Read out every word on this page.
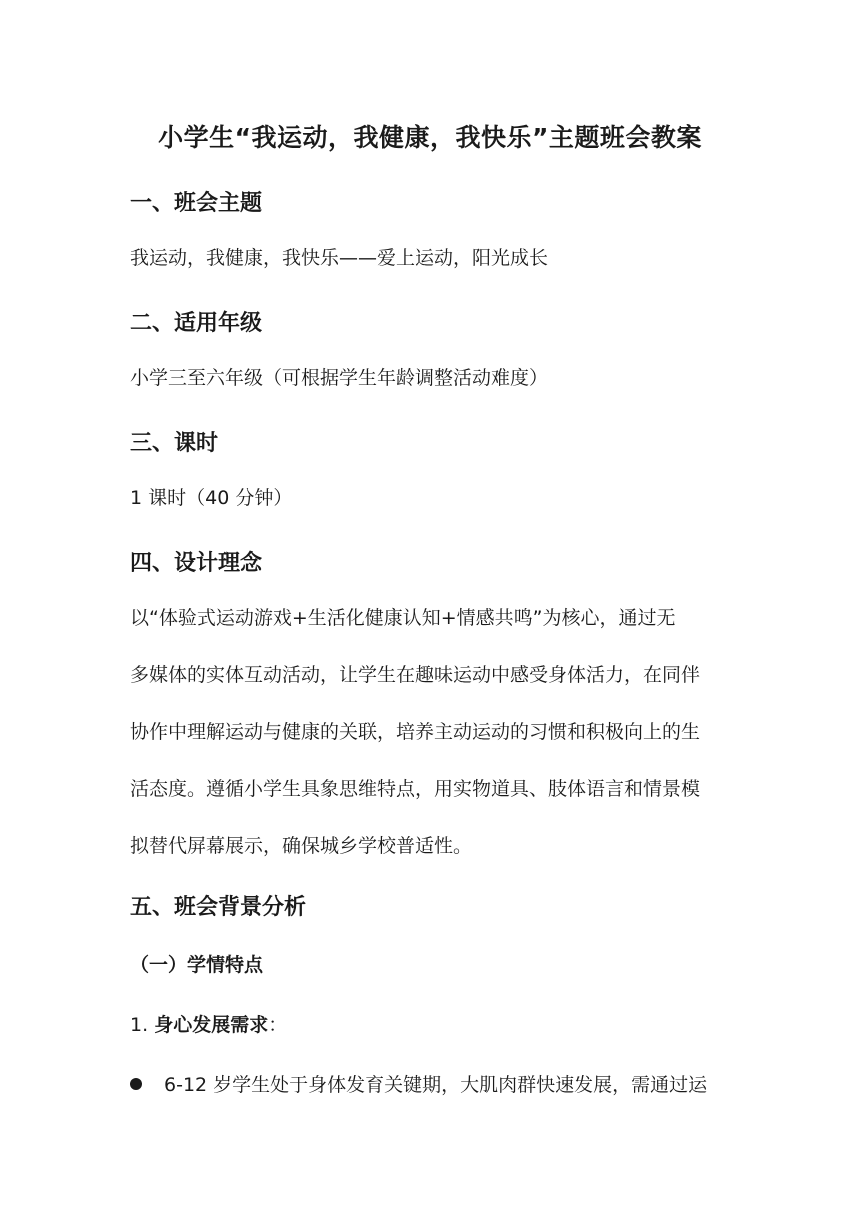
小学生“我运动，我健康，我快乐”主题班会教案
一、班会主题
我运动，我健康，我快乐——爱上运动，阳光成长
二、适用年级
小学三至六年级（可根据学生年龄调整活动难度）
三、课时
1 课时（40 分钟）
四、设计理念
以“体验式运动游戏+生活化健康认知+情感共鸣”为核心，通过无
多媒体的实体互动活动，让学生在趣味运动中感受身体活力，在同伴
协作中理解运动与健康的关联，培养主动运动的习惯和积极向上的生
活态度。遵循小学生具象思维特点，用实物道具、肢体语言和情景模
拟替代屏幕展示，确保城乡学校普适性。
五、班会背景分析
（一）学情特点
1. 身心发展需求：
6-12 岁学生处于身体发育关键期，大肌肉群快速发展，需通过运
